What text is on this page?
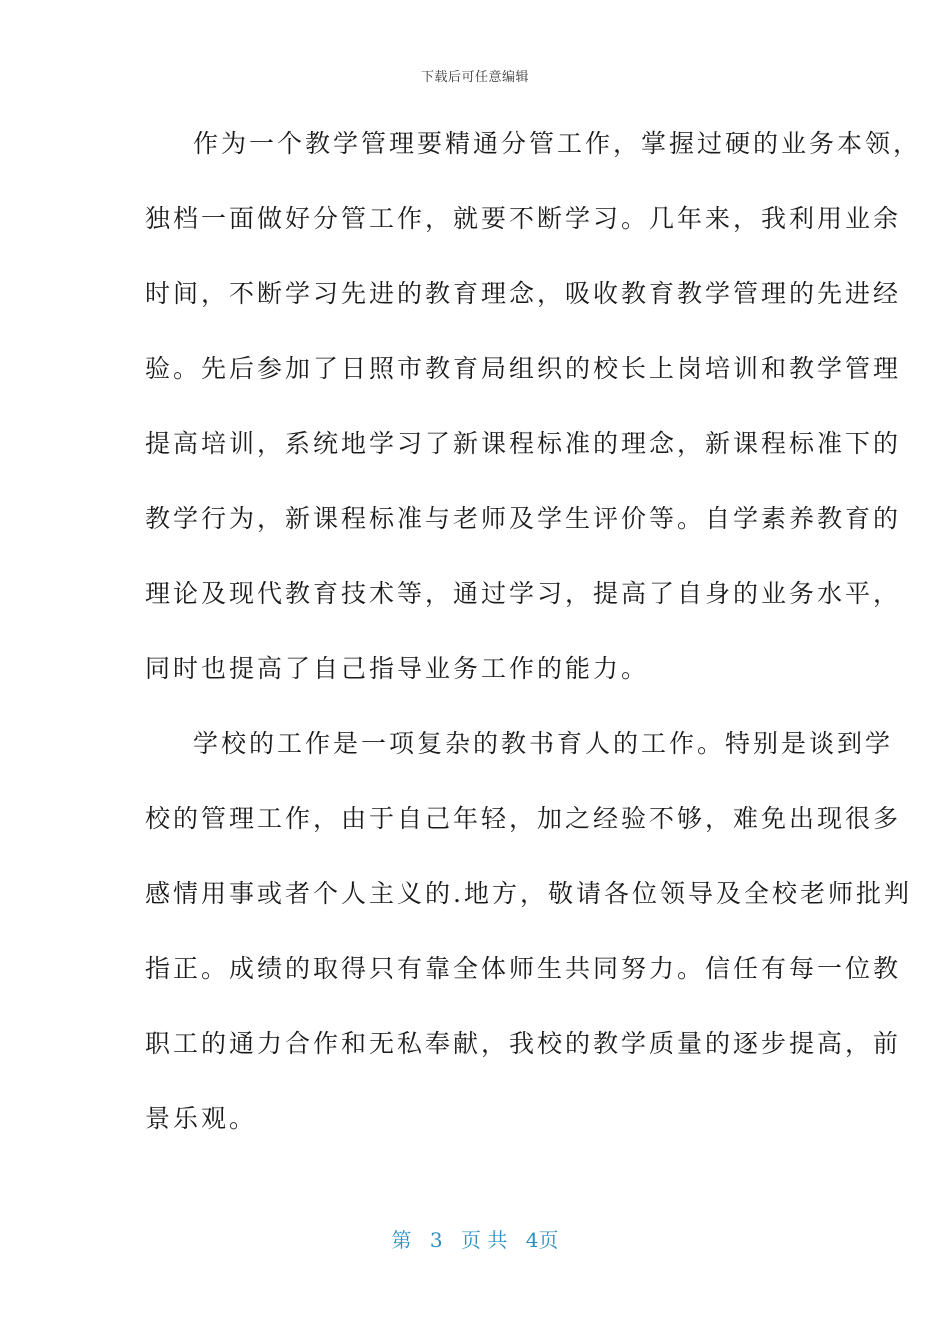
下载后可任意编辑
作为一个教学管理要精通分管工作，掌握过硬的业务本领，
独档一面做好分管工作，就要不断学习。几年来，我利用业余
时间，不断学习先进的教育理念，吸收教育教学管理的先进经
验。先后参加了日照市教育局组织的校长上岗培训和教学管理
提高培训，系统地学习了新课程标准的理念，新课程标准下的
教学行为，新课程标准与老师及学生评价等。自学素养教育的
理论及现代教育技术等，通过学习，提高了自身的业务水平，
同时也提高了自己指导业务工作的能力。
学校的工作是一项复杂的教书育人的工作。特别是谈到学
校的管理工作，由于自己年轻，加之经验不够，难免出现很多
感情用事或者个人主义的.地方，敬请各位领导及全校老师批判
指正。成绩的取得只有靠全体师生共同努力。信任有每一位教
职工的通力合作和无私奉献，我校的教学质量的逐步提高，前
景乐观。
第 3 页 共 4页
